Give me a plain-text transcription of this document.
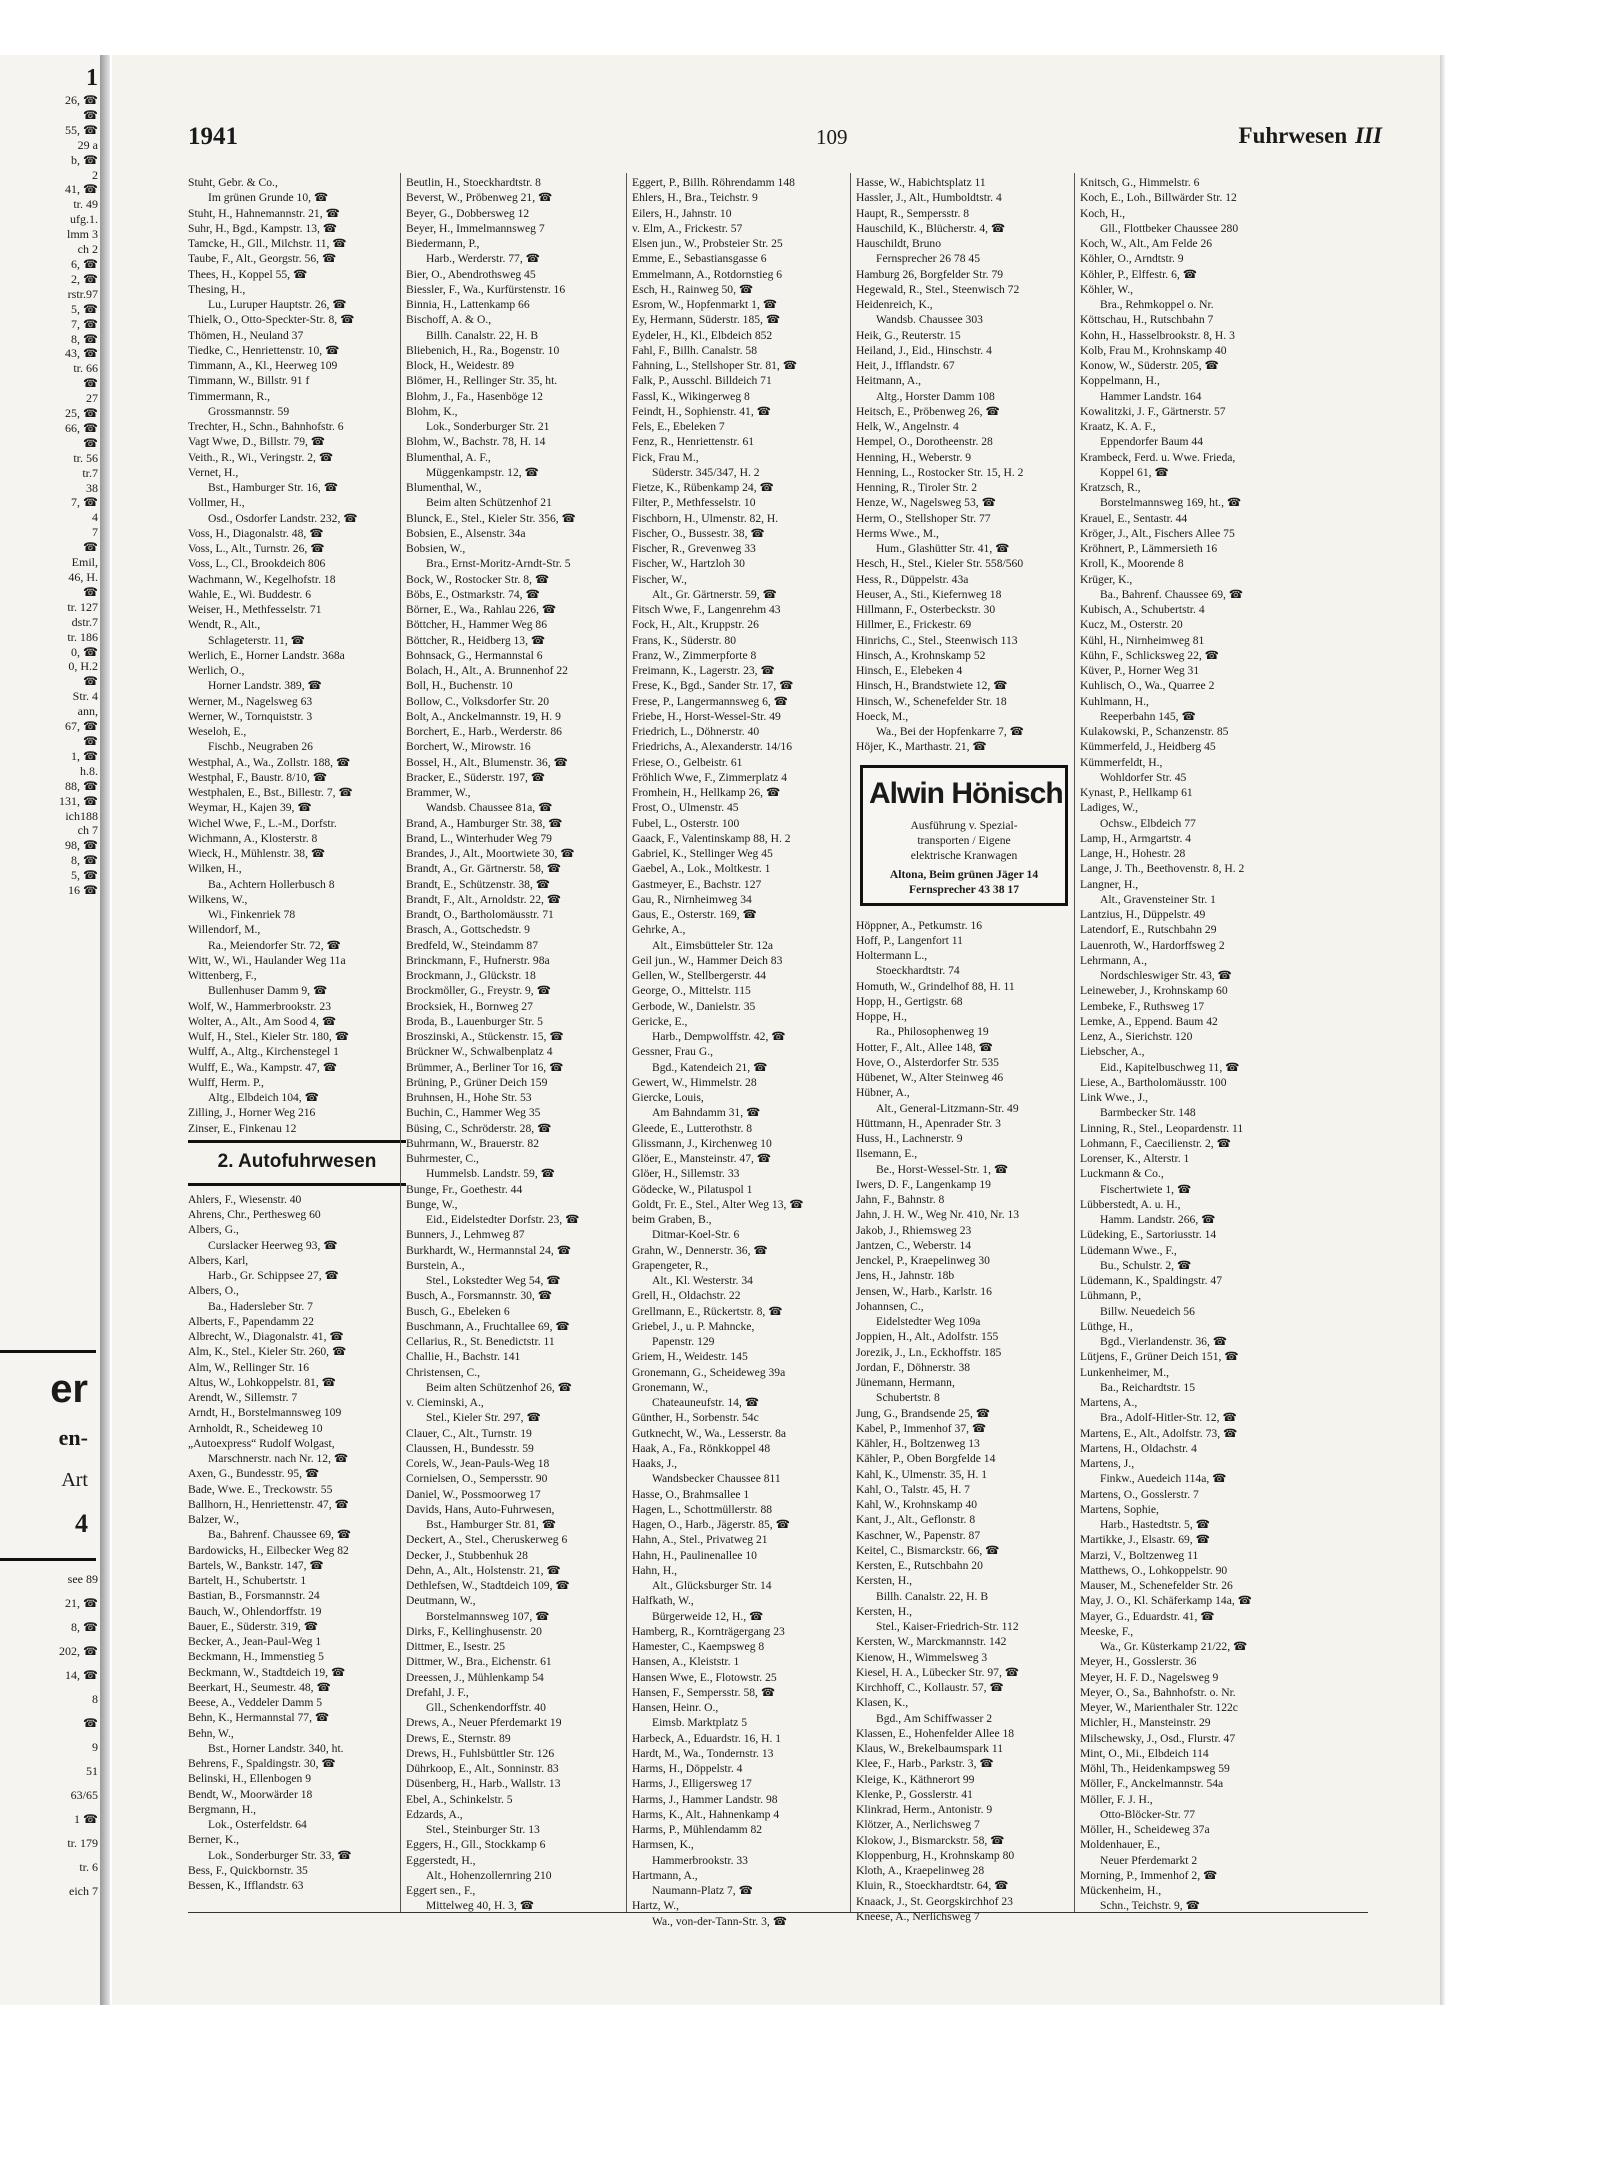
1
26, ☎
☎
55, ☎
29 a
b, ☎
2
41, ☎
tr. 49
ufg.1.
lmm 3
ch 2
6, ☎
2, ☎
rstr.97
5, ☎
7, ☎
8, ☎
43, ☎
tr. 66
☎
27
25, ☎
66, ☎
☎
tr. 56
tr.7
38
7, ☎
4
7
☎
Emil,
46, H.
☎
tr. 127
dstr.7
tr. 186
0, ☎
0, H.2
☎
Str. 4
ann,
67, ☎
☎
1, ☎
h.8.
88, ☎
131, ☎
ich188
ch 7
98, ☎
8, ☎
5, ☎
16 ☎
er
en-
Art
4
see 89
21, ☎
8, ☎
202, ☎
14, ☎
8
☎
9
51
63/65
1 ☎
tr. 179
tr. 6
eich 7
1941	109	Fuhrwesen III
Stuht, Gebr. & Co.,
Im grünen Grunde 10, ☎
Stuht, H., Hahnemannstr. 21, ☎
Suhr, H., Bgd., Kampstr. 13, ☎
Tamcke, H., Gll., Milchstr. 11, ☎
Taube, F., Alt., Georgstr. 56, ☎
Thees, H., Koppel 55, ☎
Thesing, H.,
Lu., Luruper Hauptstr. 26, ☎
Thielk, O., Otto-Speckter-Str. 8, ☎
Thömen, H., Neuland 37
Tiedke, C., Henriettenstr. 10, ☎
Timmann, A., Kl., Heerweg 109
Timmann, W., Billstr. 91 f
Timmermann, R.,
Grossmannstr. 59
Trechter, H., Schn., Bahnhofstr. 6
Vagt Wwe, D., Billstr. 79, ☎
Veith., R., Wi., Veringstr. 2, ☎
Vernet, H.,
Bst., Hamburger Str. 16, ☎
Vollmer, H.,
Osd., Osdorfer Landstr. 232, ☎
Voss, H., Diagonalstr. 48, ☎
Voss, L., Alt., Turnstr. 26, ☎
Voss, L., Cl., Brookdeich 806
Wachmann, W., Kegelhofstr. 18
Wahle, E., Wi. Buddestr. 6
Weiser, H., Methfesselstr. 71
Wendt, R., Alt.,
Schlageterstr. 11, ☎
Werlich, E., Horner Landstr. 368a
Werlich, O.,
Horner Landstr. 389, ☎
Werner, M., Nagelsweg 63
Werner, W., Tornquiststr. 3
Weseloh, E.,
Fischb., Neugraben 26
Westphal, A., Wa., Zollstr. 188, ☎
Westphal, F., Baustr. 8/10, ☎
Westphalen, E., Bst., Billestr. 7, ☎
Weymar, H., Kajen 39, ☎
Wichel Wwe, F., L.-M., Dorfstr.
Wichmann, A., Klosterstr. 8
Wieck, H., Mühlenstr. 38, ☎
Wilken, H.,
Ba., Achtern Hollerbusch 8
Wilkens, W.,
Wi., Finkenriek 78
Willendorf, M.,
Ra., Meiendorfer Str. 72, ☎
Witt, W., Wi., Haulander Weg 11a
Wittenberg, F.,
Bullenhuser Damm 9, ☎
Wolf, W., Hammerbrookstr. 23
Wolter, A., Alt., Am Sood 4, ☎
Wulf, H., Stel., Kieler Str. 180, ☎
Wulff, A., Altg., Kirchenstegel 1
Wulff, E., Wa., Kampstr. 47, ☎
Wulff, Herm. P.,
Altg., Elbdeich 104, ☎
Zilling, J., Horner Weg 216
Zinser, E., Finkenau 12
2. Autofuhrwesen
Ahlers, F., Wiesenstr. 40
Ahrens, Chr., Perthesweg 60
Albers, G.,
Curslacker Heerweg 93, ☎
Albers, Karl,
Harb., Gr. Schippsee 27, ☎
Albers, O.,
Ba., Hadersleber Str. 7
Alberts, F., Papendamm 22
Albrecht, W., Diagonalstr. 41, ☎
Alm, K., Stel., Kieler Str. 260, ☎
Alm, W., Rellinger Str. 16
Altus, W., Lohkoppelstr. 81, ☎
Arendt, W., Sillemstr. 7
Arndt, H., Borstelmannsweg 109
Arnholdt, R., Scheideweg 10
„Autoexpress“ Rudolf Wolgast,
Marschnerstr. nach Nr. 12, ☎
Axen, G., Bundesstr. 95, ☎
Bade, Wwe. E., Treckowstr. 55
Ballhorn, H., Henriettenstr. 47, ☎
Balzer, W.,
Ba., Bahrenf. Chaussee 69, ☎
Bardowicks, H., Eilbecker Weg 82
Bartels, W., Bankstr. 147, ☎
Bartelt, H., Schubertstr. 1
Bastian, B., Forsmannstr. 24
Bauch, W., Ohlendorffstr. 19
Bauer, E., Süderstr. 319, ☎
Becker, A., Jean-Paul-Weg 1
Beckmann, H., Immenstieg 5
Beckmann, W., Stadtdeich 19, ☎
Beerkart, H., Seumestr. 48, ☎
Beese, A., Veddeler Damm 5
Behn, K., Hermannstal 77, ☎
Behn, W.,
Bst., Horner Landstr. 340, ht.
Behrens, F., Spaldingstr. 30, ☎
Belinski, H., Ellenbogen 9
Bendt, W., Moorwärder 18
Bergmann, H.,
Lok., Osterfeldstr. 64
Berner, K.,
Lok., Sonderburger Str. 33, ☎
Bess, F., Quickbornstr. 35
Bessen, K., Ifflandstr. 63
Beutlin, H., Stoeckhardtstr. 8
Beverst, W., Pröbenweg 21, ☎
Beyer, G., Dobbersweg 12
Beyer, H., Immelmannsweg 7
Biedermann, P.,
Harb., Werderstr. 77, ☎
Bier, O., Abendrothsweg 45
Biessler, F., Wa., Kurfürstenstr. 16
Binnia, H., Lattenkamp 66
Bischoff, A. & O.,
Billh. Canalstr. 22, H. B
Bliebenich, H., Ra., Bogenstr. 10
Block, H., Weidestr. 89
Blömer, H., Rellinger Str. 35, ht.
Blohm, J., Fa., Hasenböge 12
Blohm, K.,
Lok., Sonderburger Str. 21
Blohm, W., Bachstr. 78, H. 14
Blumenthal, A. F.,
Müggenkampstr. 12, ☎
Blumenthal, W.,
Beim alten Schützenhof 21
Blunck, E., Stel., Kieler Str. 356, ☎
Bobsien, E., Alsenstr. 34a
Bobsien, W.,
Bra., Ernst-Moritz-Arndt-Str. 5
Bock, W., Rostocker Str. 8, ☎
Böbs, E., Ostmarkstr. 74, ☎
Börner, E., Wa., Rahlau 226, ☎
Böttcher, H., Hammer Weg 86
Böttcher, R., Heidberg 13, ☎
Bohnsack, G., Hermannstal 6
Bolach, H., Alt., A. Brunnenhof 22
Boll, H., Buchenstr. 10
Bollow, C., Volksdorfer Str. 20
Bolt, A., Anckelmannstr. 19, H. 9
Borchert, E., Harb., Werderstr. 86
Borchert, W., Mirowstr. 16
Bossel, H., Alt., Blumenstr. 36, ☎
Bracker, E., Süderstr. 197, ☎
Brammer, W.,
Wandsb. Chaussee 81a, ☎
Brand, A., Hamburger Str. 38, ☎
Brand, L., Winterhuder Weg 79
Brandes, J., Alt., Moortwiete 30, ☎
Brandt, A., Gr. Gärtnerstr. 58, ☎
Brandt, E., Schützenstr. 38, ☎
Brandt, F., Alt., Arnoldstr. 22, ☎
Brandt, O., Bartholomäusstr. 71
Brasch, A., Gottschedstr. 9
Bredfeld, W., Steindamm 87
Brinckmann, F., Hufnerstr. 98a
Brockmann, J., Glückstr. 18
Brockmöller, G., Freystr. 9, ☎
Brocksiek, H., Bornweg 27
Broda, B., Lauenburger Str. 5
Broszinski, A., Stückenstr. 15, ☎
Brückner W., Schwalbenplatz 4
Brümmer, A., Berliner Tor 16, ☎
Brüning, P., Grüner Deich 159
Bruhnsen, H., Hohe Str. 53
Buchin, C., Hammer Weg 35
Büsing, C., Schröderstr. 28, ☎
Buhrmann, W., Brauerstr. 82
Buhrmester, C.,
Hummelsb. Landstr. 59, ☎
Bunge, Fr., Goethestr. 44
Bunge, W.,
Eid., Eidelstedter Dorfstr. 23, ☎
Bunners, J., Lehmweg 87
Burkhardt, W., Hermannstal 24, ☎
Burstein, A.,
Stel., Lokstedter Weg 54, ☎
Busch, A., Forsmannstr. 30, ☎
Busch, G., Ebeleken 6
Buschmann, A., Fruchtallee 69, ☎
Cellarius, R., St. Benedictstr. 11
Challie, H., Bachstr. 141
Christensen, C.,
Beim alten Schützenhof 26, ☎
v. Cieminski, A.,
Stel., Kieler Str. 297, ☎
Clauer, C., Alt., Turnstr. 19
Claussen, H., Bundesstr. 59
Corels, W., Jean-Pauls-Weg 18
Cornielsen, O., Sempersstr. 90
Daniel, W., Possmoorweg 17
Davids, Hans, Auto-Fuhrwesen,
Bst., Hamburger Str. 81, ☎
Deckert, A., Stel., Cheruskerweg 6
Decker, J., Stubbenhuk 28
Dehn, A., Alt., Holstenstr. 21, ☎
Dethlefsen, W., Stadtdeich 109, ☎
Deutmann, W.,
Borstelmannsweg 107, ☎
Dirks, F., Kellinghusenstr. 20
Dittmer, E., Isestr. 25
Dittmer, W., Bra., Eichenstr. 61
Dreessen, J., Mühlenkamp 54
Drefahl, J. F.,
Gll., Schenkendorffstr. 40
Drews, A., Neuer Pferdemarkt 19
Drews, E., Sternstr. 89
Drews, H., Fuhlsbüttler Str. 126
Dührkoop, E., Alt., Sonninstr. 83
Düsenberg, H., Harb., Wallstr. 13
Ebel, A., Schinkelstr. 5
Edzards, A.,
Stel., Steinburger Str. 13
Eggers, H., Gll., Stockkamp 6
Eggerstedt, H.,
Alt., Hohenzollernring 210
Eggert sen., F.,
Mittelweg 40, H. 3, ☎
Eggert, P., Billh. Röhrendamm 148
Ehlers, H., Bra., Teichstr. 9
Eilers, H., Jahnstr. 10
v. Elm, A., Frickestr. 57
Elsen jun., W., Probsteier Str. 25
Emme, E., Sebastiansgasse 6
Emmelmann, A., Rotdornstieg 6
Esch, H., Rainweg 50, ☎
Esrom, W., Hopfenmarkt 1, ☎
Ey, Hermann, Süderstr. 185, ☎
Eydeler, H., Kl., Elbdeich 852
Fahl, F., Billh. Canalstr. 58
Fahning, L., Stellshoper Str. 81, ☎
Falk, P., Ausschl. Billdeich 71
Fassl, K., Wikingerweg 8
Feindt, H., Sophienstr. 41, ☎
Fels, E., Ebeleken 7
Fenz, R., Henriettenstr. 61
Fick, Frau M.,
Süderstr. 345/347, H. 2
Fietze, K., Rübenkamp 24, ☎
Filter, P., Methfesselstr. 10
Fischborn, H., Ulmenstr. 82, H.
Fischer, O., Bussestr. 38, ☎
Fischer, R., Grevenweg 33
Fischer, W., Hartzloh 30
Fischer, W.,
Alt., Gr. Gärtnerstr. 59, ☎
Fitsch Wwe, F., Langenrehm 43
Fock, H., Alt., Kruppstr. 26
Frans, K., Süderstr. 80
Franz, W., Zimmerpforte 8
Freimann, K., Lagerstr. 23, ☎
Frese, K., Bgd., Sander Str. 17, ☎
Frese, P., Langermannsweg 6, ☎
Friebe, H., Horst-Wessel-Str. 49
Friedrich, L., Döhnerstr. 40
Friedrichs, A., Alexanderstr. 14/16
Friese, O., Gelbeistr. 61
Fröhlich Wwe, F., Zimmerplatz 4
Fromhein, H., Hellkamp 26, ☎
Frost, O., Ulmenstr. 45
Fubel, L., Osterstr. 100
Gaack, F., Valentinskamp 88, H. 2
Gabriel, K., Stellinger Weg 45
Gaebel, A., Lok., Moltkestr. 1
Gastmeyer, E., Bachstr. 127
Gau, R., Nirnheimweg 34
Gaus, E., Osterstr. 169, ☎
Gehrke, A.,
Alt., Eimsbütteler Str. 12a
Geil jun., W., Hammer Deich 83
Gellen, W., Stellbergerstr. 44
George, O., Mittelstr. 115
Gerbode, W., Danielstr. 35
Gericke, E.,
Harb., Dempwolffstr. 42, ☎
Gessner, Frau G.,
Bgd., Katendeich 21, ☎
Gewert, W., Himmelstr. 28
Giercke, Louis,
Am Bahndamm 31, ☎
Gleede, E., Lutterothstr. 8
Glissmann, J., Kirchenweg 10
Glöer, E., Mansteinstr. 47, ☎
Glöer, H., Sillemstr. 33
Gödecke, W., Pilatuspol 1
Goldt, Fr. E., Stel., Alter Weg 13, ☎
beim Graben, B.,
Ditmar-Koel-Str. 6
Grahn, W., Dennerstr. 36, ☎
Grapengeter, R.,
Alt., Kl. Westerstr. 34
Grell, H., Oldachstr. 22
Grellmann, E., Rückertstr. 8, ☎
Griebel, J., u. P. Mahncke,
Papenstr. 129
Griem, H., Weidestr. 145
Gronemann, G., Scheideweg 39a
Gronemann, W.,
Chateauneufstr. 14, ☎
Günther, H., Sorbenstr. 54c
Gutknecht, W., Wa., Lesserstr. 8a
Haak, A., Fa., Rönkkoppel 48
Haaks, J.,
Wandsbecker Chaussee 811
Hasse, O., Brahmsallee 1
Hagen, L., Schottmüllerstr. 88
Hagen, O., Harb., Jägerstr. 85, ☎
Hahn, A., Stel., Privatweg 21
Hahn, H., Paulinenallee 10
Hahn, H.,
Alt., Glücksburger Str. 14
Halfkath, W.,
Bürgerweide 12, H., ☎
Hamberg, R., Kornträgergang 23
Hamester, C., Kaempsweg 8
Hansen, A., Kleiststr. 1
Hansen Wwe, E., Flotowstr. 25
Hansen, F., Sempersstr. 58, ☎
Hansen, Heinr. O.,
Eimsb. Marktplatz 5
Harbeck, A., Eduardstr. 16, H. 1
Hardt, M., Wa., Tondernstr. 13
Harms, H., Döppelstr. 4
Harms, J., Elligersweg 17
Harms, J., Hammer Landstr. 98
Harms, K., Alt., Hahnenkamp 4
Harms, P., Mühlendamm 82
Harmsen, K.,
Hammerbrookstr. 33
Hartmann, A.,
Naumann-Platz 7, ☎
Hartz, W.,
Wa., von-der-Tann-Str. 3, ☎
Hasse, W., Habichtsplatz 11
Hassler, J., Alt., Humboldtstr. 4
Haupt, R., Sempersstr. 8
Hauschild, K., Blücherstr. 4, ☎
Hauschildt, Bruno
Fernsprecher 26 78 45
Hamburg 26, Borgfelder Str. 79
Hegewald, R., Stel., Steenwisch 72
Heidenreich, K.,
Wandsb. Chaussee 303
Heik, G., Reuterstr. 15
Heiland, J., Eid., Hinschstr. 4
Heit, J., Ifflandstr. 67
Heitmann, A.,
Altg., Horster Damm 108
Heitsch, E., Pröbenweg 26, ☎
Helk, W., Angelnstr. 4
Hempel, O., Dorotheenstr. 28
Henning, H., Weberstr. 9
Henning, L., Rostocker Str. 15, H. 2
Henning, R., Tiroler Str. 2
Henze, W., Nagelsweg 53, ☎
Herm, O., Stellshoper Str. 77
Herms Wwe., M.,
Hum., Glashütter Str. 41, ☎
Hesch, H., Stel., Kieler Str. 558/560
Hess, R., Düppelstr. 43a
Heuser, A., Sti., Kiefernweg 18
Hillmann, F., Osterbeckstr. 30
Hillmer, E., Frickestr. 69
Hinrichs, C., Stel., Steenwisch 113
Hinsch, A., Krohnskamp 52
Hinsch, E., Elebeken 4
Hinsch, H., Brandstwiete 12, ☎
Hinsch, W., Schenefelder Str. 18
Hoeck, M.,
Wa., Bei der Hopfenkarre 7, ☎
Höjer, K., Marthastr. 21, ☎
Alwin Hönisch
Ausführung v. Spezial-
transporten / Eigene
elektrische Kranwagen
Altona, Beim grünen Jäger 14
Fernsprecher 43 38 17
Höppner, A., Petkumstr. 16
Hoff, P., Langenfort 11
Holtermann L.,
Stoeckhardtstr. 74
Homuth, W., Grindelhof 88, H. 11
Hopp, H., Gertigstr. 68
Hoppe, H.,
Ra., Philosophenweg 19
Hotter, F., Alt., Allee 148, ☎
Hove, O., Alsterdorfer Str. 535
Hübenet, W., Alter Steinweg 46
Hübner, A.,
Alt., General-Litzmann-Str. 49
Hüttmann, H., Apenrader Str. 3
Huss, H., Lachnerstr. 9
Ilsemann, E.,
Be., Horst-Wessel-Str. 1, ☎
Iwers, D. F., Langenkamp 19
Jahn, F., Bahnstr. 8
Jahn, J. H. W., Weg Nr. 410, Nr. 13
Jakob, J., Rhiemsweg 23
Jantzen, C., Weberstr. 14
Jenckel, P., Kraepelinweg 30
Jens, H., Jahnstr. 18b
Jensen, W., Harb., Karlstr. 16
Johannsen, C.,
Eidelstedter Weg 109a
Joppien, H., Alt., Adolfstr. 155
Jorezik, J., Ln., Eckhoffstr. 185
Jordan, F., Döhnerstr. 38
Jünemann, Hermann,
Schubertstr. 8
Jung, G., Brandsende 25, ☎
Kabel, P., Immenhof 37, ☎
Kähler, H., Boltzenweg 13
Kähler, P., Oben Borgfelde 14
Kahl, K., Ulmenstr. 35, H. 1
Kahl, O., Talstr. 45, H. 7
Kahl, W., Krohnskamp 40
Kant, J., Alt., Geflonstr. 8
Kaschner, W., Papenstr. 87
Keitel, C., Bismarckstr. 66, ☎
Kersten, E., Rutschbahn 20
Kersten, H.,
Billh. Canalstr. 22, H. B
Kersten, H.,
Stel., Kaiser-Friedrich-Str. 112
Kersten, W., Marckmannstr. 142
Kienow, H., Wimmelsweg 3
Kiesel, H. A., Lübecker Str. 97, ☎
Kirchhoff, C., Kollaustr. 57, ☎
Klasen, K.,
Bgd., Am Schiffwasser 2
Klassen, E., Hohenfelder Allee 18
Klaus, W., Brekelbaumspark 11
Klee, F., Harb., Parkstr. 3, ☎
Kleige, K., Käthnerort 99
Klenke, P., Gosslerstr. 41
Klinkrad, Herm., Antonistr. 9
Klötzer, A., Nerlichsweg 7
Klokow, J., Bismarckstr. 58, ☎
Kloppenburg, H., Krohnskamp 80
Kloth, A., Kraepelinweg 28
Kluin, R., Stoeckhardtstr. 64, ☎
Knaack, J., St. Georgskirchhof 23
Kneese, A., Nerlichsweg 7
Knitsch, G., Himmelstr. 6
Koch, E., Loh., Billwärder Str. 12
Koch, H.,
Gll., Flottbeker Chaussee 280
Koch, W., Alt., Am Felde 26
Köhler, O., Arndtstr. 9
Köhler, P., Elffestr. 6, ☎
Köhler, W.,
Bra., Rehmkoppel o. Nr.
Köttschau, H., Rutschbahn 7
Kohn, H., Hasselbrookstr. 8, H. 3
Kolb, Frau M., Krohnskamp 40
Konow, W., Süderstr. 205, ☎
Koppelmann, H.,
Hammer Landstr. 164
Kowalitzki, J. F., Gärtnerstr. 57
Kraatz, K. A. F.,
Eppendorfer Baum 44
Krambeck, Ferd. u. Wwe. Frieda,
Koppel 61, ☎
Kratzsch, R.,
Borstelmannsweg 169, ht., ☎
Krauel, E., Sentastr. 44
Kröger, J., Alt., Fischers Allee 75
Kröhnert, P., Lämmersieth 16
Kroll, K., Moorende 8
Krüger, K.,
Ba., Bahrenf. Chaussee 69, ☎
Kubisch, A., Schubertstr. 4
Kucz, M., Osterstr. 20
Kühl, H., Nirnheimweg 81
Kühn, F., Schlicksweg 22, ☎
Küver, P., Horner Weg 31
Kuhlisch, O., Wa., Quarree 2
Kuhlmann, H.,
Reeperbahn 145, ☎
Kulakowski, P., Schanzenstr. 85
Kümmerfeld, J., Heidberg 45
Kümmerfeldt, H.,
Wohldorfer Str. 45
Kynast, P., Hellkamp 61
Ladiges, W.,
Ochsw., Elbdeich 77
Lamp, H., Armgartstr. 4
Lange, H., Hohestr. 28
Lange, J. Th., Beethovenstr. 8, H. 2
Langner, H.,
Alt., Gravensteiner Str. 1
Lantzius, H., Düppelstr. 49
Latendorf, E., Rutschbahn 29
Lauenroth, W., Hardorffsweg 2
Lehrmann, A.,
Nordschleswiger Str. 43, ☎
Leineweber, J., Krohnskamp 60
Lembeke, F., Ruthsweg 17
Lemke, A., Eppend. Baum 42
Lenz, A., Sierichstr. 120
Liebscher, A.,
Eid., Kapitelbuschweg 11, ☎
Liese, A., Bartholomäusstr. 100
Link Wwe., J.,
Barmbecker Str. 148
Linning, R., Stel., Leopardenstr. 11
Lohmann, F., Caecilienstr. 2, ☎
Lorenser, K., Alterstr. 1
Luckmann & Co.,
Fischertwiete 1, ☎
Lübberstedt, A. u. H.,
Hamm. Landstr. 266, ☎
Lüdeking, E., Sartoriusstr. 14
Lüdemann Wwe., F.,
Bu., Schulstr. 2, ☎
Lüdemann, K., Spaldingstr. 47
Lühmann, P.,
Billw. Neuedeich 56
Lüthge, H.,
Bgd., Vierlandenstr. 36, ☎
Lütjens, F., Grüner Deich 151, ☎
Lunkenheimer, M.,
Ba., Reichardtstr. 15
Martens, A.,
Bra., Adolf-Hitler-Str. 12, ☎
Martens, E., Alt., Adolfstr. 73, ☎
Martens, H., Oldachstr. 4
Martens, J.,
Finkw., Auedeich 114a, ☎
Martens, O., Gosslerstr. 7
Martens, Sophie,
Harb., Hastedtstr. 5, ☎
Martikke, J., Elsastr. 69, ☎
Marzi, V., Boltzenweg 11
Matthews, O., Lohkoppelstr. 90
Mauser, M., Schenefelder Str. 26
May, J. O., Kl. Schäferkamp 14a, ☎
Mayer, G., Eduardstr. 41, ☎
Meeske, F.,
Wa., Gr. Küsterkamp 21/22, ☎
Meyer, H., Gosslerstr. 36
Meyer, H. F. D., Nagelsweg 9
Meyer, O., Sa., Bahnhofstr. o. Nr.
Meyer, W., Marienthaler Str. 122c
Michler, H., Mansteinstr. 29
Milschewsky, J., Osd., Flurstr. 47
Mint, O., Mi., Elbdeich 114
Möhl, Th., Heidenkampsweg 59
Möller, F., Anckelmannstr. 54a
Möller, F. J. H.,
Otto-Blöcker-Str. 77
Möller, H., Scheideweg 37a
Moldenhauer, E.,
Neuer Pferdemarkt 2
Morning, P., Immenhof 2, ☎
Mückenheim, H.,
Schn., Teichstr. 9, ☎
